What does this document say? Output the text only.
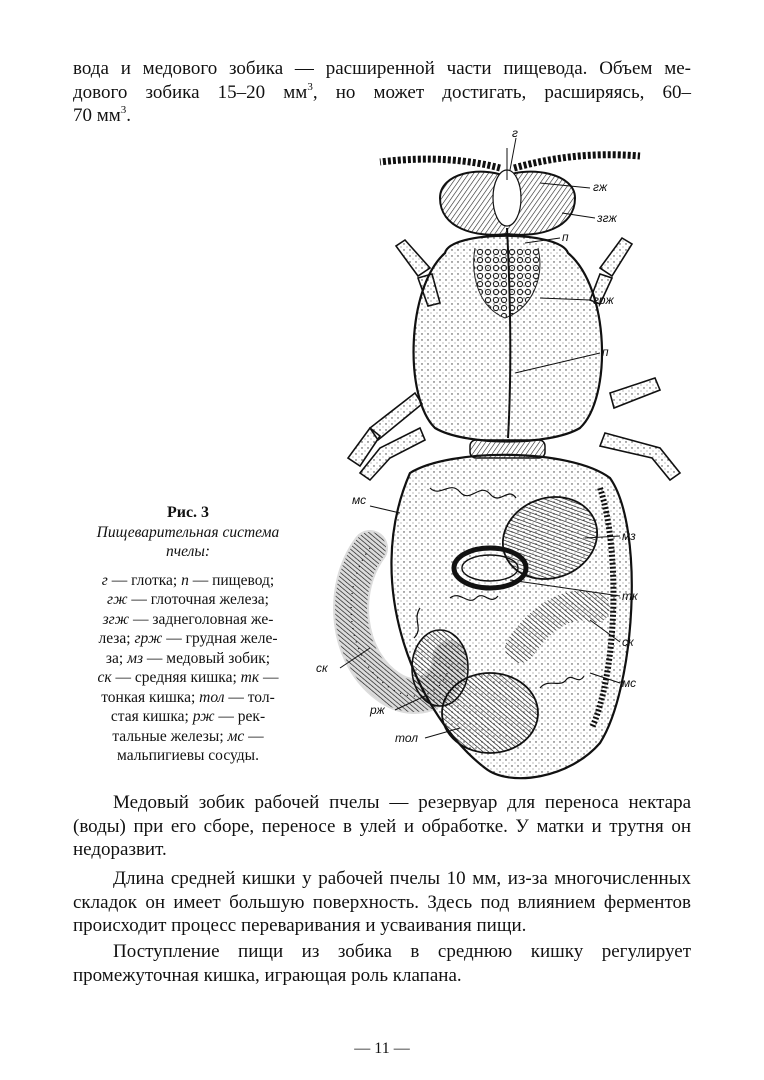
вода и медового зобика — расширенной части пищевода. Объем ме-
дового зобика 15–20 $мм^3$, но может достигать, расширяясь, 60–
70 $мм^3$.
Рис. 3
Пищеварительная система пчелы:
г — глотка; п — пищевод;
гж — глоточная железа;
згж — заднеголовная же-
леза; грж — грудная желе-
за; мз — медовый зобик;
ск — средняя кишка; тк —
тонкая кишка; тол — тол-
стая кишка; рж — рек-
тальные железы; мс —
мальпигиевы сосуды.
г
гж
згж
п
грж
п
мс
мз
тк
ск
ск
мс
рж
тол

Медовый зобик рабочей пчелы — резервуар для переноса нектара (воды) при его сборе, переносе в улей и обработке. У матки и трутня он недоразвит.

Длина средней кишки у рабочей пчелы 10 мм, из-за многочисленных складок он имеет большую поверхность. Здесь под влиянием ферментов происходит процесс переваривания и усваивания пищи.

Поступление пищи из зобика в среднюю кишку регулирует промежуточная кишка, играющая роль клапана.

— 11 —
